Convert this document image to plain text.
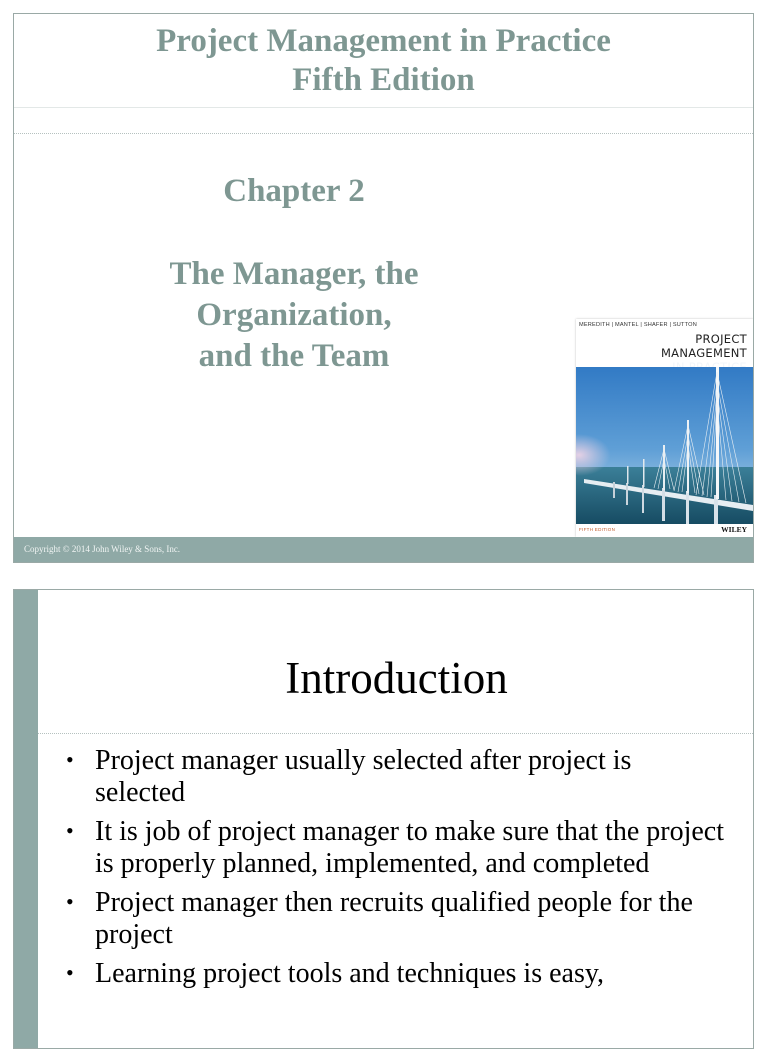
Project Management in Practice
Fifth Edition
Chapter 2
The Manager, the
Organization,
and the Team
MEREDITH | MANTEL | SHAFER | SUTTON
PROJECT
MANAGEMENT
FIFTH EDITION	WILEY
Copyright © 2014 John Wiley & Sons, Inc.
Introduction
• Project manager usually selected after project is selected
• It is job of project manager to make sure that the project is properly planned, implemented, and completed
• Project manager then recruits qualified people for the project
• Learning project tools and techniques is easy,
